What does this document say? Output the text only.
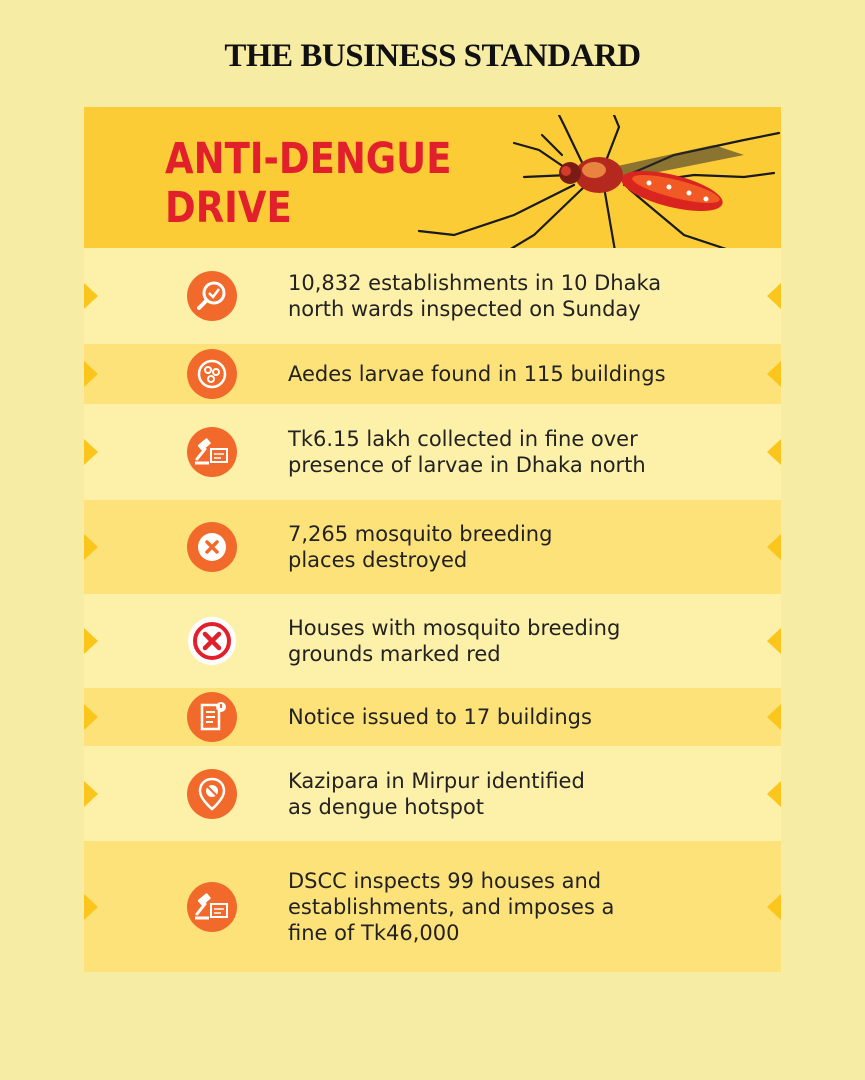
THE BUSINESS STANDARD
ANTI-DENGUE
DRIVE
10,832 establishments in 10 Dhaka
north wards inspected on Sunday
Aedes larvae found in 115 buildings
Tk6.15 lakh collected in fine over
presence of larvae in Dhaka north
7,265 mosquito breeding
places destroyed
Houses with mosquito breeding
grounds marked red
Notice issued to 17 buildings
Kazipara in Mirpur identified
as dengue hotspot
DSCC inspects 99 houses and
establishments, and imposes a
fine of Tk46,000
